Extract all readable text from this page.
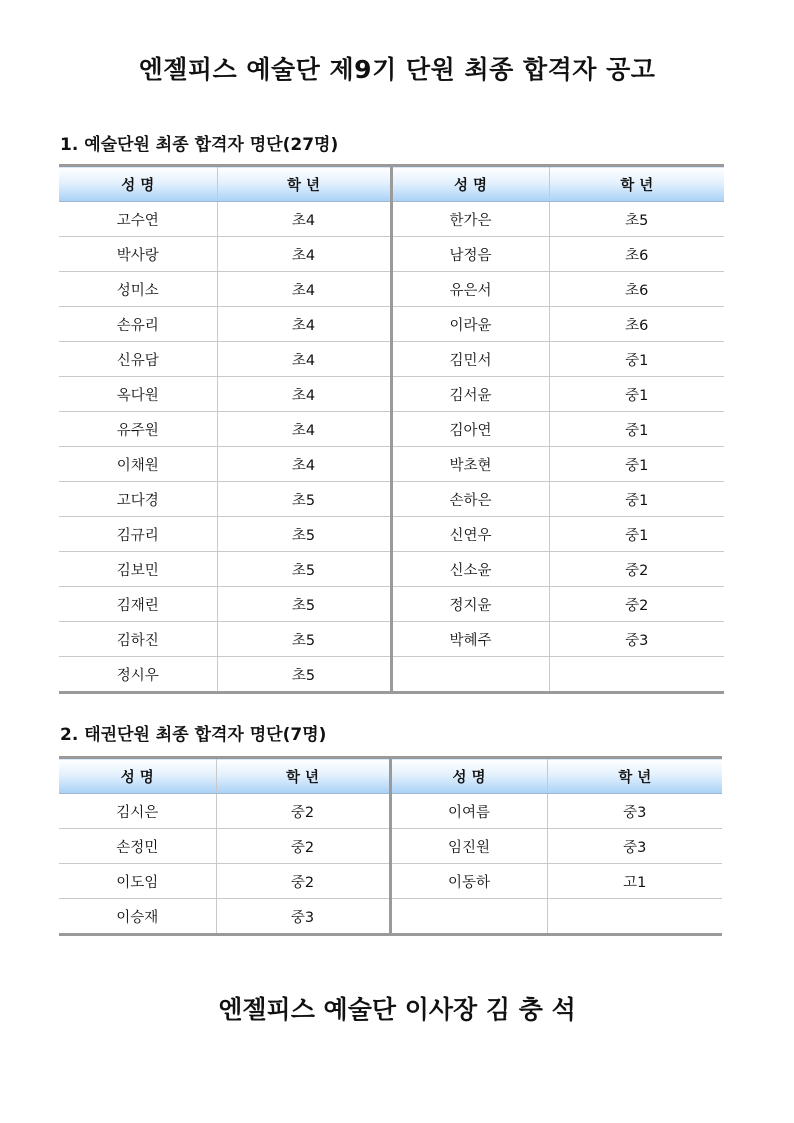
엔젤피스 예술단 제9기 단원 최종 합격자 공고
1. 예술단원 최종 합격자 명단(27명)
성 명	학 년	성 명	학 년
고수연	초4	한가은	초5
박사랑	초4	남정음	초6
성미소	초4	유은서	초6
손유리	초4	이라윤	초6
신유담	초4	김민서	중1
옥다원	초4	김서윤	중1
유주원	초4	김아연	중1
이채원	초4	박초현	중1
고다경	초5	손하은	중1
김규리	초5	신연우	중1
김보민	초5	신소윤	중2
김재린	초5	정지윤	중2
김하진	초5	박혜주	중3
정시우	초5		
2. 태권단원 최종 합격자 명단(7명)
성 명	학 년	성 명	학 년
김시은	중2	이여름	중3
손정민	중2	임진원	중3
이도임	중2	이동하	고1
이승재	중3		
엔젤피스 예술단 이사장 김 충 석
